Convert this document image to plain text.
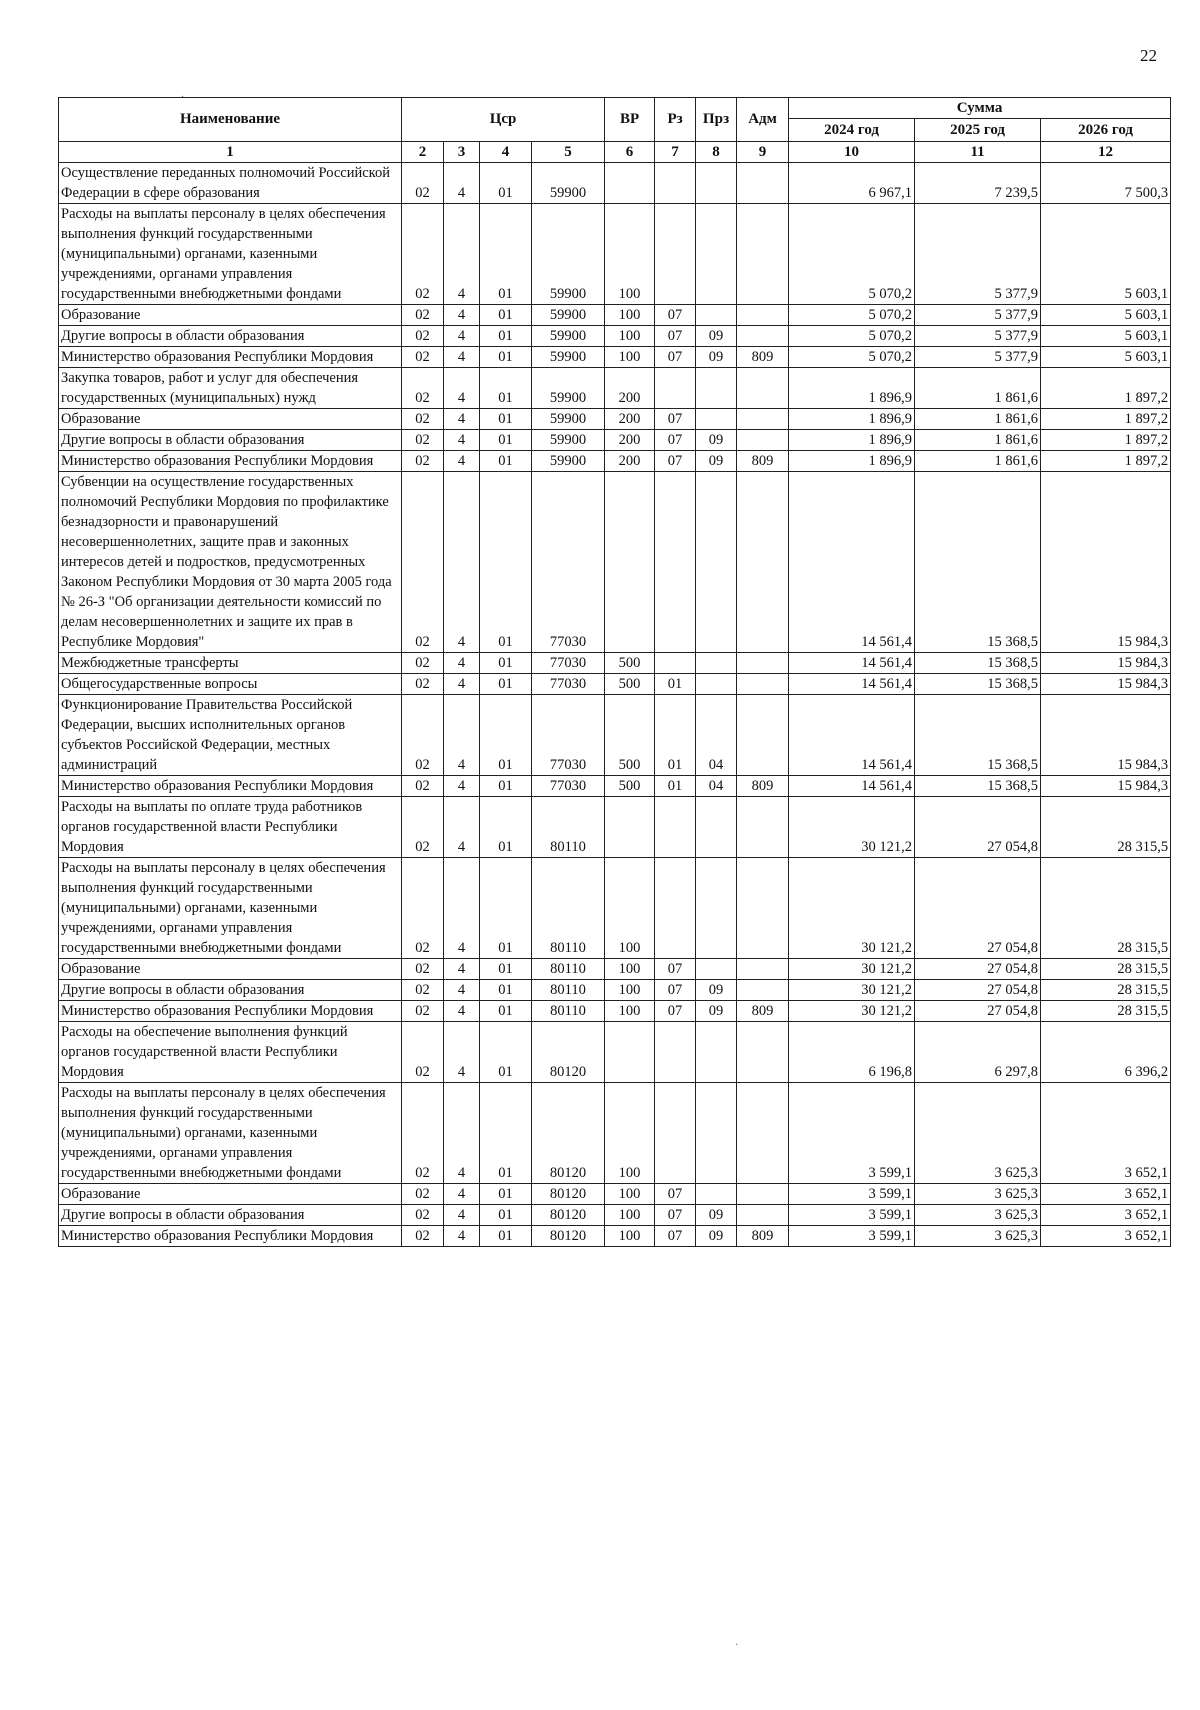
22
Наименование	Цср				ВР	Рз	Прз	Адм	Сумма		
									2024 год	2025 год	2026 год
1	2	3	4	5	6	7	8	9	10	11	12
Осуществление переданных полномочий Российской Федерации в сфере образования	02	4	01	59900					6 967,1	7 239,5	7 500,3
Расходы на выплаты персоналу в целях обеспечения выполнения функций государственными (муниципальными) органами, казенными учреждениями, органами управления государственными внебюджетными фондами	02	4	01	59900	100				5 070,2	5 377,9	5 603,1
Образование	02	4	01	59900	100	07			5 070,2	5 377,9	5 603,1
Другие вопросы в области образования	02	4	01	59900	100	07	09		5 070,2	5 377,9	5 603,1
Министерство образования Республики Мордовия	02	4	01	59900	100	07	09	809	5 070,2	5 377,9	5 603,1
Закупка товаров, работ и услуг для обеспечения государственных (муниципальных) нужд	02	4	01	59900	200				1 896,9	1 861,6	1 897,2
Образование	02	4	01	59900	200	07			1 896,9	1 861,6	1 897,2
Другие вопросы в области образования	02	4	01	59900	200	07	09		1 896,9	1 861,6	1 897,2
Министерство образования Республики Мордовия	02	4	01	59900	200	07	09	809	1 896,9	1 861,6	1 897,2
Субвенции на осуществление государственных полномочий Республики Мордовия по профилактике безнадзорности и правонарушений несовершеннолетних, защите прав и законных интересов детей и подростков, предусмотренных Законом Республики Мордовия от 30 марта 2005 года № 26-З "Об организации деятельности комиссий по делам несовершеннолетних и защите их прав в Республике Мордовия"	02	4	01	77030					14 561,4	15 368,5	15 984,3
Межбюджетные трансферты	02	4	01	77030	500				14 561,4	15 368,5	15 984,3
Общегосударственные вопросы	02	4	01	77030	500	01			14 561,4	15 368,5	15 984,3
Функционирование Правительства Российской Федерации, высших исполнительных органов субъектов Российской Федерации, местных администраций	02	4	01	77030	500	01	04		14 561,4	15 368,5	15 984,3
Министерство образования Республики Мордовия	02	4	01	77030	500	01	04	809	14 561,4	15 368,5	15 984,3
Расходы на выплаты по оплате труда работников органов государственной власти Республики Мордовия	02	4	01	80110					30 121,2	27 054,8	28 315,5
Расходы на выплаты персоналу в целях обеспечения выполнения функций государственными (муниципальными) органами, казенными учреждениями, органами управления государственными внебюджетными фондами	02	4	01	80110	100				30 121,2	27 054,8	28 315,5
Образование	02	4	01	80110	100	07			30 121,2	27 054,8	28 315,5
Другие вопросы в области образования	02	4	01	80110	100	07	09		30 121,2	27 054,8	28 315,5
Министерство образования Республики Мордовия	02	4	01	80110	100	07	09	809	30 121,2	27 054,8	28 315,5
Расходы на обеспечение выполнения функций органов государственной власти Республики Мордовия	02	4	01	80120					6 196,8	6 297,8	6 396,2
Расходы на выплаты персоналу в целях обеспечения выполнения функций государственными (муниципальными) органами, казенными учреждениями, органами управления государственными внебюджетными фондами	02	4	01	80120	100				3 599,1	3 625,3	3 652,1
Образование	02	4	01	80120	100	07			3 599,1	3 625,3	3 652,1
Другие вопросы в области образования	02	4	01	80120	100	07	09		3 599,1	3 625,3	3 652,1
Министерство образования Республики Мордовия	02	4	01	80120	100	07	09	809	3 599,1	3 625,3	3 652,1
·
·
